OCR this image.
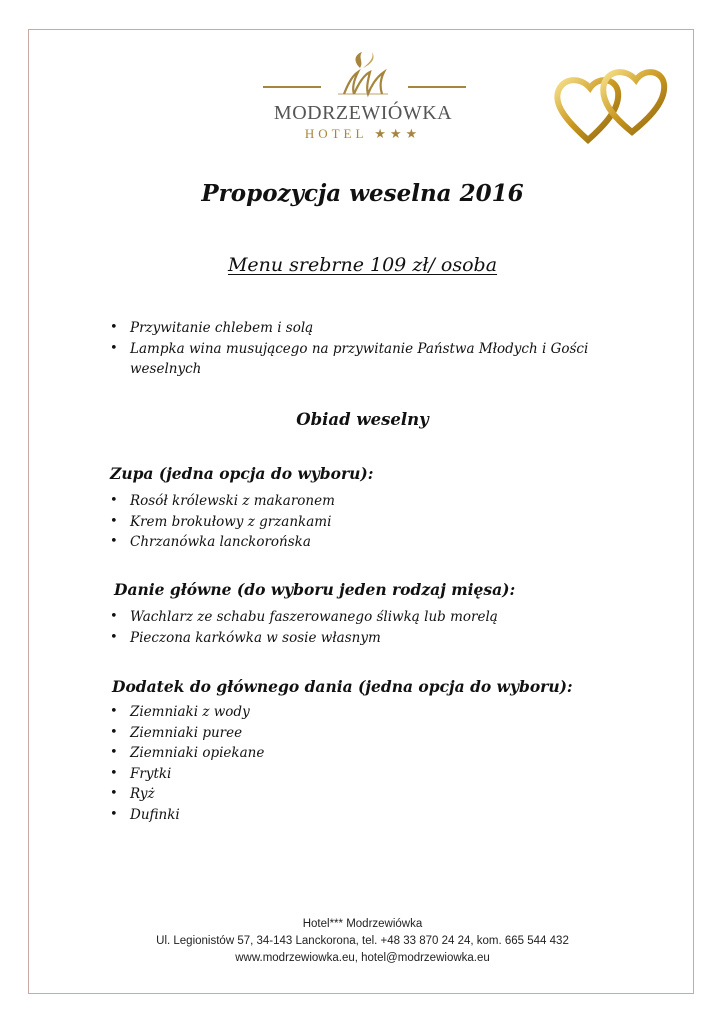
MODRZEWIÓWKA
HOTEL ★★★
Propozycja weselna 2016
Menu srebrne 109 zł/ osoba
• Przywitanie chlebem i solą
• Lampka wina musującego na przywitanie Państwa Młodych i Gości weselnych
Obiad weselny
Zupa (jedna opcja do wyboru):
• Rosół królewski z makaronem
• Krem brokułowy z grzankami
• Chrzanówka lanckorońska
Danie główne (do wyboru jeden rodzaj mięsa):
• Wachlarz ze schabu faszerowanego śliwką lub morelą
• Pieczona karkówka w sosie własnym
Dodatek do głównego dania (jedna opcja do wyboru):
• Ziemniaki z wody
• Ziemniaki puree
• Ziemniaki opiekane
• Frytki
• Ryż
• Dufinki
Hotel*** Modrzewiówka
Ul. Legionistów 57, 34-143 Lanckorona, tel. +48 33 870 24 24, kom. 665 544 432
www.modrzewiowka.eu, hotel@modrzewiowka.eu
